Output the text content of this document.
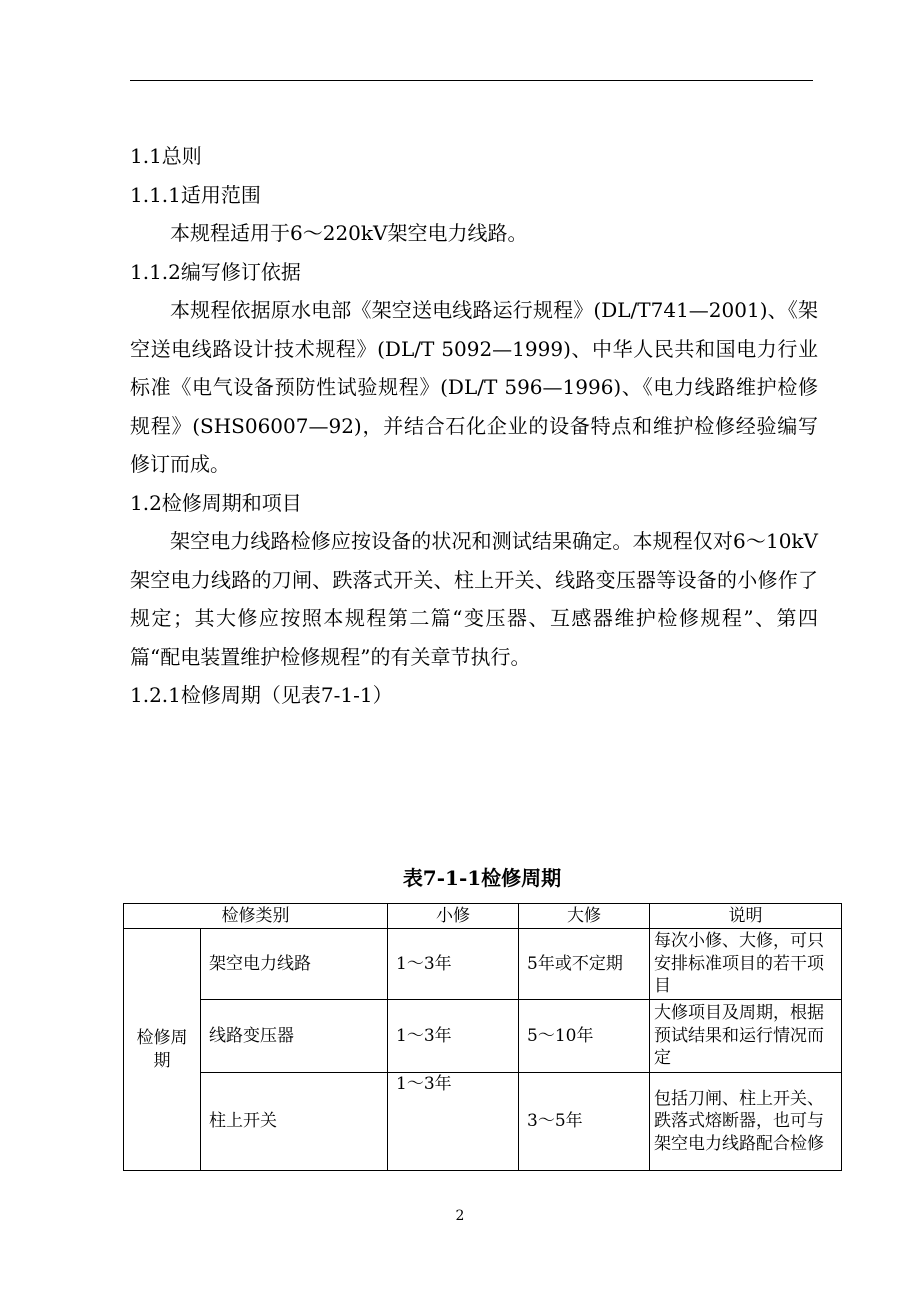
1.1总则

1.1.1适用范围

本规程适用于6～220kV架空电力线路。

1.1.2编写修订依据

本规程依据原水电部《架空送电线路运行规程》(DL/T741—2001)、《架空送电线路设计技术规程》(DL/T 5092—1999)、中华人民共和国电力行业标准《电气设备预防性试验规程》(DL/T 596—1996)、《电力线路维护检修规程》(SHS06007—92)，并结合石化企业的设备特点和维护检修经验编写修订而成。

1.2检修周期和项目

架空电力线路检修应按设备的状况和测试结果确定。本规程仅对6～10kV架空电力线路的刀闸、跌落式开关、柱上开关、线路变压器等设备的小修作了规定；其大修应按照本规程第二篇“变压器、互感器维护检修规程”、第四篇“配电装置维护检修规程”的有关章节执行。

1.2.1检修周期（见表7-1-1）

表7-1-1检修周期
检修类别		小修	大修	说明
检修周期	架空电力线路	1～3年	5年或不定期	每次小修、大修，可只安排标准项目的若干项目
	线路变压器	1～3年	5～10年	大修项目及周期，根据预试结果和运行情况而定
	柱上开关	1～3年	3～5年	包括刀闸、柱上开关、跌落式熔断器，也可与架空电力线路配合检修
2
